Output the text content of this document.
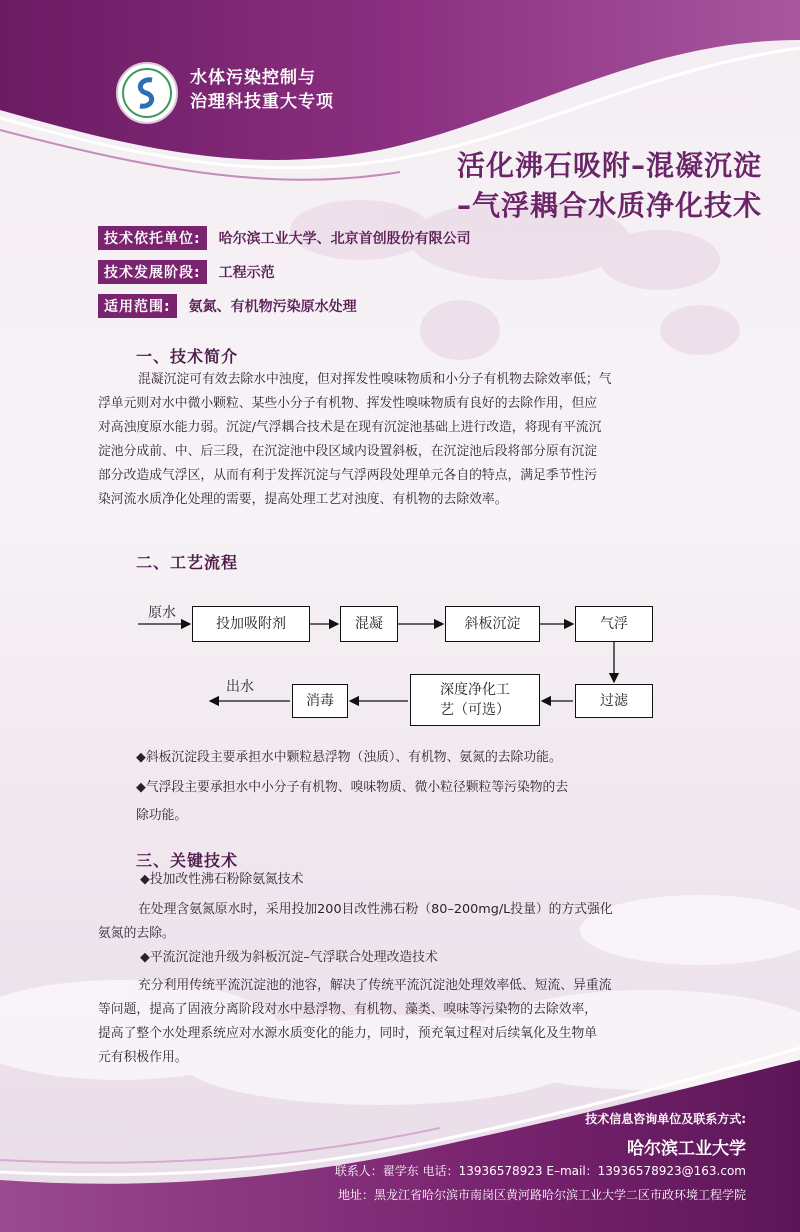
水体污染控制与
治理科技重大专项
活化沸石吸附–混凝沉淀
–气浮耦合水质净化技术
技术依托单位:	哈尔滨工业大学、北京首创股份有限公司
技术发展阶段:	工程示范
适用范围:	氨氮、有机物污染原水处理
一、技术简介
混凝沉淀可有效去除水中浊度，但对挥发性嗅味物质和小分子有机物去除效率低；气
浮单元则对水中微小颗粒、某些小分子有机物、挥发性嗅味物质有良好的去除作用，但应
对高浊度原水能力弱。沉淀/气浮耦合技术是在现有沉淀池基础上进行改造，将现有平流沉
淀池分成前、中、后三段，在沉淀池中段区域内设置斜板，在沉淀池后段将部分原有沉淀
部分改造成气浮区，从而有利于发挥沉淀与气浮两段处理单元各自的特点，满足季节性污
染河流水质净化处理的需要，提高处理工艺对浊度、有机物的去除效率。
二、工艺流程
原水
投加吸附剂	混凝	斜板沉淀	气浮
过滤
深度净化工
艺（可选）
消毒
出水
◆斜板沉淀段主要承担水中颗粒悬浮物（浊质）、有机物、氨氮的去除功能。
◆气浮段主要承担水中小分子有机物、嗅味物质、微小粒径颗粒等污染物的去
除功能。
三、关键技术
◆投加改性沸石粉除氨氮技术
在处理含氨氮原水时，采用投加200目改性沸石粉（80–200mg/L投量）的方式强化
氨氮的去除。
◆平流沉淀池升级为斜板沉淀–气浮联合处理改造技术
充分利用传统平流沉淀池的池容，解决了传统平流沉淀池处理效率低、短流、异重流
等问题，提高了固液分离阶段对水中悬浮物、有机物、藻类、嗅味等污染物的去除效率，
提高了整个水处理系统应对水源水质变化的能力，同时，预充氧过程对后续氧化及生物单
元有积极作用。
技术信息咨询单位及联系方式:
哈尔滨工业大学
联系人：翟学东 电话：13936578923 E–mail：13936578923@163.com
地址：黑龙江省哈尔滨市南岗区黄河路哈尔滨工业大学二区市政环境工程学院
